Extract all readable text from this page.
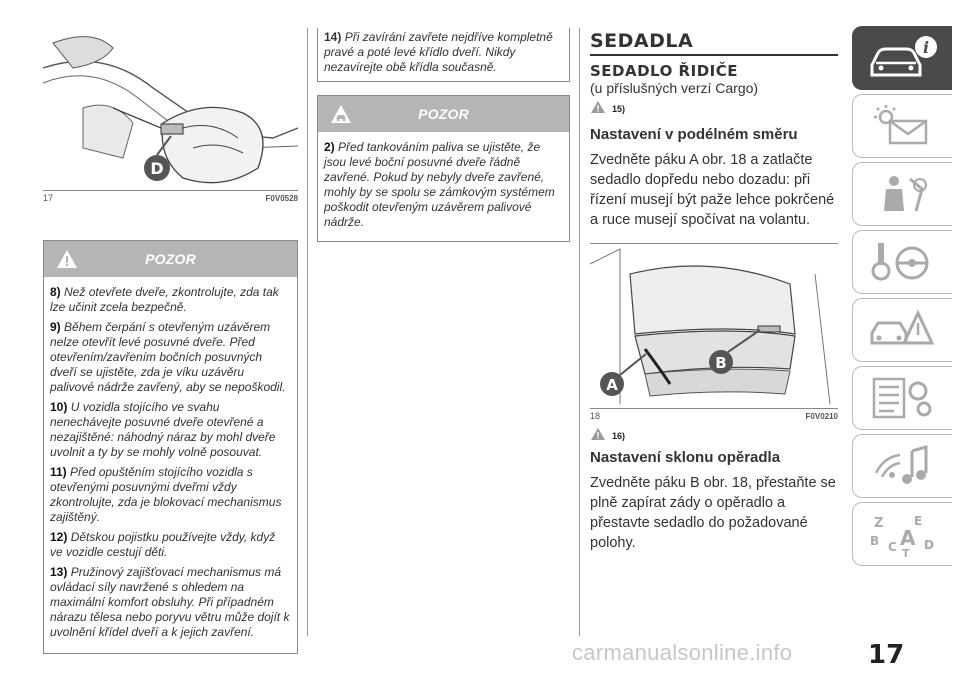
D
17	F0V0528
POZOR

8) Než otevřete dveře, zkontrolujte, zda tak lze učinit zcela bezpečně.

9) Během čerpání s otevřeným uzávěrem nelze otevřít levé posuvné dveře. Před otevřením/zavřením bočních posuvných dveří se ujistěte, zda je víku uzávěru palivové nádrže zavřený, aby se nepoškodil.

10) U vozidla stojícího ve svahu nenechávejte posuvné dveře otevřené a nezajištěné: náhodný náraz by mohl dveře uvolnit a ty by se mohly volně posouvat.

11) Před opuštěním stojícího vozidla s otevřenými posuvnými dveřmi vždy zkontrolujte, zda je blokovací mechanismus zajištěný.

12) Dětskou pojistku používejte vždy, když ve vozidle cestují děti.

13) Pružinový zajišťovací mechanismus má ovládací síly navržené s ohledem na maximální komfort obsluhy. Při případném nárazu tělesa nebo poryvu větru může dojít k uvolnění křídel dveří a k jejich zavření.

14) Při zavírání zavřete nejdříve kompletně pravé a poté levé křídlo dveří. Nikdy nezavírejte obě křídla současně.
POZOR

2) Před tankováním paliva se ujistěte, že jsou levé boční posuvné dveře řádně zavřené. Pokud by nebyly dveře zavřené, mohly by se spolu se zámkovým systémem poškodit otevřeným uzávěrem palivové nádrže.

SEDADLA
SEDADLO ŘIDIČE
(u příslušných verzí Cargo)
15)
Nastavení v podélném směru
Zvedněte páku A obr. 18 a zatlačte sedadlo dopředu nebo dozadu: při řízení musejí být paže lehce pokrčené a ruce musejí spočívat na volantu.
B
A
18	F0V0210
16)
Nastavení sklonu opěradla
Zvedněte páku B obr. 18, přestaňte se plně zapírat zády o opěradlo a přestavte sedadlo do požadované polohy.
i
Z	E
B C A D
T
carmanualsonline.info	17
